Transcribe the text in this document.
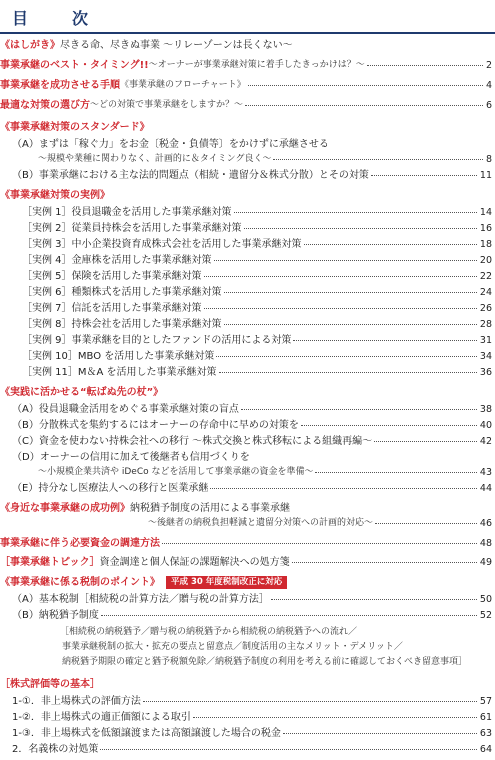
目　次
《はしがき》 尽きる命、尽きぬ事業 〜リレーゾーンは長くない〜
事業承継のベスト・タイミング!! 〜オーナーが事業承継対策に着手したきっかけは？〜	2
事業承継を成功させる手順 《事業承継のフローチャート》	4
最適な対策の選び方 〜どの対策で事業承継をしますか？〜	6
《事業承継対策のスタンダード》
（A）まずは「稼ぐ力」をお金〔税金・負債等〕をかけずに承継させる
〜規模や業種に関わりなく、計画的に＆タイミング良く〜	8
（B）事業承継における主な法的問題点（相続・遺留分＆株式分散）とその対策	11
《事業承継対策の実例》
［実例 1］役員退職金を活用した事業承継対策	14
［実例 2］従業員持株会を活用した事業承継対策	16
［実例 3］中小企業投資育成株式会社を活用した事業承継対策	18
［実例 4］金庫株を活用した事業承継対策	20
［実例 5］保険を活用した事業承継対策	22
［実例 6］種類株式を活用した事業承継対策	24
［実例 7］信託を活用した事業承継対策	26
［実例 8］持株会社を活用した事業承継対策	28
［実例 9］事業承継を目的としたファンドの活用による対策	31
［実例 10］MBO を活用した事業承継対策	34
［実例 11］M＆A を活用した事業承継対策	36
《実践に活かせる“転ばぬ先の杖”》
（A）役員退職金活用をめぐる事業承継対策の盲点	38
（B）分散株式を集約するにはオーナーの存命中に早めの対策を	40
（C）資金を使わない持株会社への移行 〜株式交換と株式移転による組織再編〜	42
（D）オーナーの信用に加えて後継者も信用づくりを
〜小規模企業共済や iDeCo などを活用して事業承継の資金を準備〜	43
（E）持分なし医療法人への移行と医業承継	44
《身近な事業承継の成功例》 納税猶予制度の活用による事業承継
〜後継者の納税負担軽減と遺留分対策への計画的対応〜	46
事業承継に伴う必要資金の調達方法	48
［事業承継トピック］ 資金調達と個人保証の課題解決への処方箋	49
《事業承継に係る税制のポイント》	平成 30 年度税制改正に対応
（A）基本税制［相続税の計算方法／贈与税の計算方法］	50
（B）納税猶予制度	52
［相続税の納税猶予／贈与税の納税猶予から相続税の納税猶予への流れ／
事業承継税制の拡大・拡充の要点と留意点／制度活用の主なメリット・デメリット／
納税猶予期限の確定と猶予税額免除／納税猶予制度の利用を考える前に確認しておくべき留意事項］
［株式評価等の基本］
1-①．非上場株式の評価方法	57
1-②．非上場株式の適正価額による取引	61
1-③．非上場株式を低額譲渡または高額譲渡した場合の税金	63
2．名義株の対処策	64
